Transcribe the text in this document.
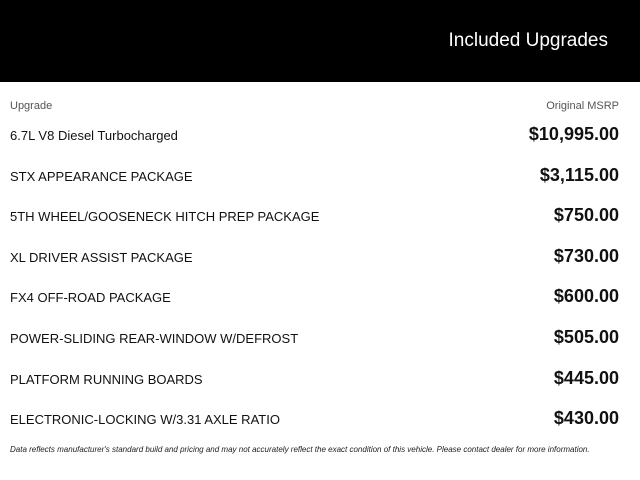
Included Upgrades
Upgrade	Original MSRP
6.7L V8 Diesel Turbocharged	$10,995.00
STX APPEARANCE PACKAGE	$3,115.00
5TH WHEEL/GOOSENECK HITCH PREP PACKAGE	$750.00
XL DRIVER ASSIST PACKAGE	$730.00
FX4 OFF-ROAD PACKAGE	$600.00
POWER-SLIDING REAR-WINDOW W/DEFROST	$505.00
PLATFORM RUNNING BOARDS	$445.00
ELECTRONIC-LOCKING W/3.31 AXLE RATIO	$430.00
Data reflects manufacturer's standard build and pricing and may not accurately reflect the exact condition of this vehicle. Please contact dealer for more information.
